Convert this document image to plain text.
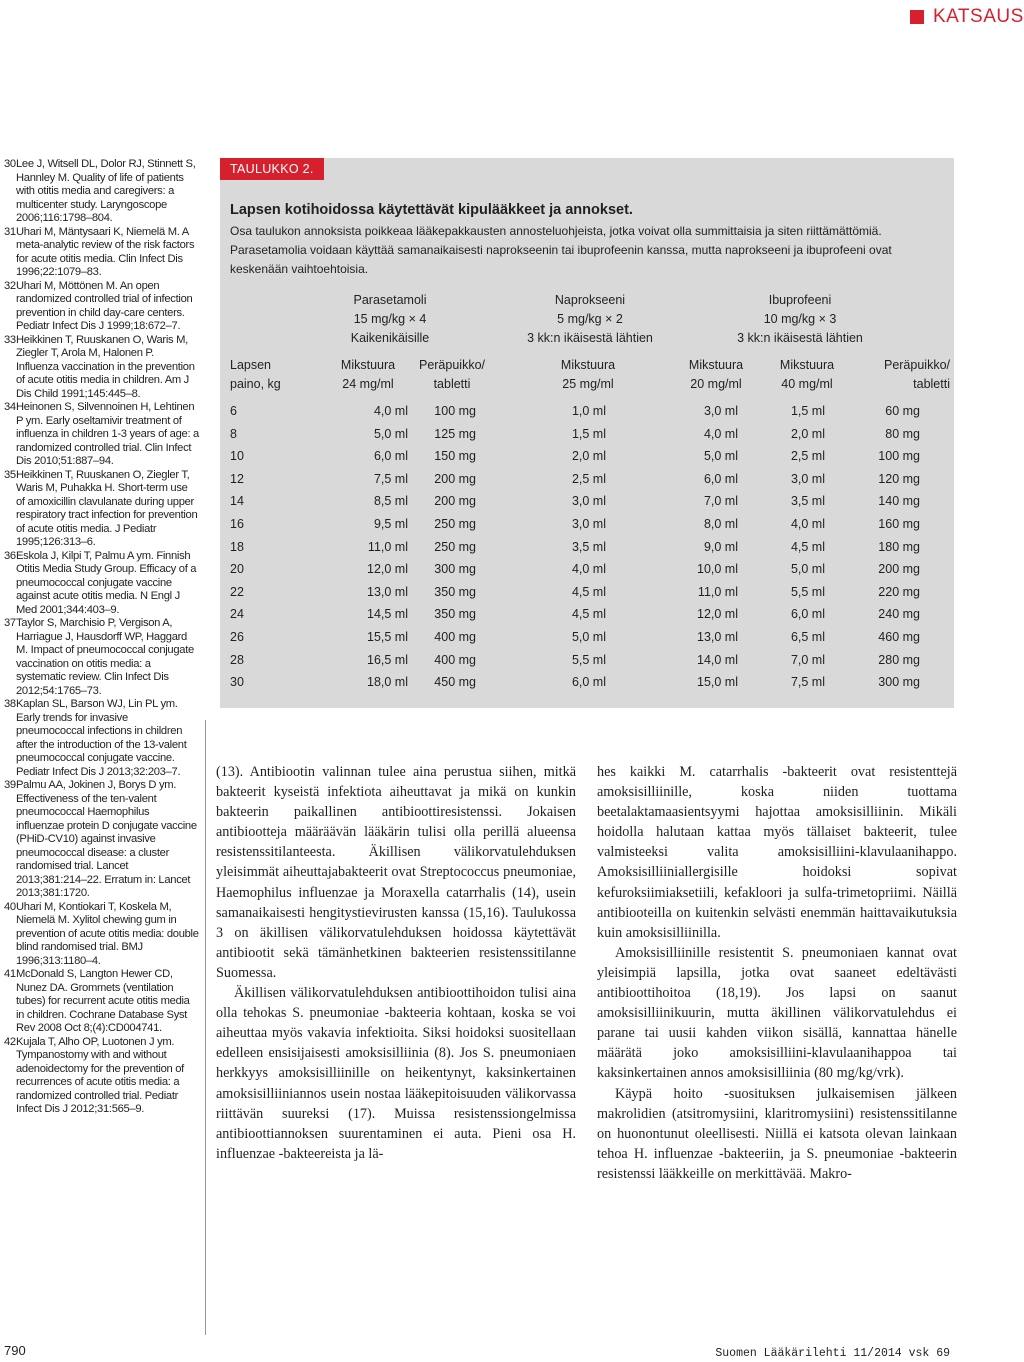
KATSAUS
30 Lee J, Witsell DL, Dolor RJ, Stinnett S, Hannley M. Quality of life of patients with otitis media and caregivers: a multicenter study. Laryngoscope 2006;116:1798–804.
31 Uhari M, Mäntysaari K, Niemelä M. A meta-analytic review of the risk factors for acute otitis media. Clin Infect Dis 1996;22:1079–83.
32 Uhari M, Möttönen M. An open randomized controlled trial of infection prevention in child day-care centers. Pediatr Infect Dis J 1999;18:672–7.
33 Heikkinen T, Ruuskanen O, Waris M, Ziegler T, Arola M, Halonen P. Influenza vaccination in the prevention of acute otitis media in children. Am J Dis Child 1991;145:445–8.
34 Heinonen S, Silvennoinen H, Lehtinen P ym. Early oseltamivir treatment of influenza in children 1-3 years of age: a randomized controlled trial. Clin Infect Dis 2010;51:887–94.
35 Heikkinen T, Ruuskanen O, Ziegler T, Waris M, Puhakka H. Short-term use of amoxicillin clavulanate during upper respiratory tract infection for prevention of acute otitis media. J Pediatr 1995;126:313–6.
36 Eskola J, Kilpi T, Palmu A ym. Finnish Otitis Media Study Group. Efficacy of a pneumococcal conjugate vaccine against acute otitis media. N Engl J Med 2001;344:403–9.
37 Taylor S, Marchisio P, Vergison A, Harriague J, Hausdorff WP, Haggard M. Impact of pneumococcal conjugate vaccination on otitis media: a systematic review. Clin Infect Dis 2012;54:1765–73.
38 Kaplan SL, Barson WJ, Lin PL ym. Early trends for invasive pneumococcal infections in children after the introduction of the 13-valent pneumococcal conjugate vaccine. Pediatr Infect Dis J 2013;32:203–7.
39 Palmu AA, Jokinen J, Borys D ym. Effectiveness of the ten-valent pneumococcal Haemophilus influenzae protein D conjugate vaccine (PHiD-CV10) against invasive pneumococcal disease: a cluster randomised trial. Lancet 2013;381:214–22. Erratum in: Lancet 2013;381:1720.
40 Uhari M, Kontiokari T, Koskela M, Niemelä M. Xylitol chewing gum in prevention of acute otitis media: double blind randomised trial. BMJ 1996;313:1180–4.
41 McDonald S, Langton Hewer CD, Nunez DA. Grommets (ventilation tubes) for recurrent acute otitis media in children. Cochrane Database Syst Rev 2008 Oct 8;(4):CD004741.
42 Kujala T, Alho OP, Luotonen J ym. Tympanostomy with and without adenoidectomy for the prevention of recurrences of acute otitis media: a randomized controlled trial. Pediatr Infect Dis J 2012;31:565–9.
TAULUKKO 2.
Lapsen kotihoidossa käytettävät kipulääkkeet ja annokset.
Osa taulukon annoksista poikkeaa lääkepakkausten annosteluohjeista, jotka voivat olla summittaisia ja siten riittämättömiä. Parasetamolia voidaan käyttää samanaikaisesti naprokseenin tai ibuprofeenin kanssa, mutta naprokseeni ja ibuprofeeni ovat keskenään vaihtoehtoisia.
Parasetamoli
15 mg/kg × 4
Kaikenikäisille
Naprokseeni
5 mg/kg × 2
3 kk:n ikäisestä lähtien
Ibuprofeeni
10 mg/kg × 3
3 kk:n ikäisestä lähtien
Lapsen
paino, kg
Mikstuura
24 mg/ml
Peräpuikko/
tabletti
Mikstuura
25 mg/ml
Mikstuura
20 mg/ml
Mikstuura
40 mg/ml
Peräpuikko/
tabletti
6	4,0 ml	100 mg	1,0 ml	3,0 ml	1,5 ml	60 mg
8	5,0 ml	125 mg	1,5 ml	4,0 ml	2,0 ml	80 mg
10	6,0 ml	150 mg	2,0 ml	5,0 ml	2,5 ml	100 mg
12	7,5 ml	200 mg	2,5 ml	6,0 ml	3,0 ml	120 mg
14	8,5 ml	200 mg	3,0 ml	7,0 ml	3,5 ml	140 mg
16	9,5 ml	250 mg	3,0 ml	8,0 ml	4,0 ml	160 mg
18	11,0 ml	250 mg	3,5 ml	9,0 ml	4,5 ml	180 mg
20	12,0 ml	300 mg	4,0 ml	10,0 ml	5,0 ml	200 mg
22	13,0 ml	350 mg	4,5 ml	11,0 ml	5,5 ml	220 mg
24	14,5 ml	350 mg	4,5 ml	12,0 ml	6,0 ml	240 mg
26	15,5 ml	400 mg	5,0 ml	13,0 ml	6,5 ml	460 mg
28	16,5 ml	400 mg	5,5 ml	14,0 ml	7,0 ml	280 mg
30	18,0 ml	450 mg	6,0 ml	15,0 ml	7,5 ml	300 mg

(13). Antibiootin valinnan tulee aina perustua siihen, mitkä bakteerit kyseistä infektiota aiheuttavat ja mikä on kunkin bakteerin paikallinen antibioottiresistenssi. Jokaisen antibioottеja määräävän lääkärin tulisi olla perillä alueensa resistenssitilanteesta. Äkillisen välikorvatulehduksen yleisimmät aiheuttajabakteerit ovat Streptococcus pneumoniae, Haemophilus influenzae ja Moraxella catarrhalis (14), usein samanaikaisesti hengitystievirusten kanssa (15,16). Taulukossa 3 on äkillisen välikorvatulehduksen hoidossa käytettävät antibiootit sekä tämänhetkinen bakteerien resistenssitilanne Suomessa.

Äkillisen välikorvatulehduksen antibioottihoidon tulisi aina olla tehokas S. pneumoniae -bakteeria kohtaan, koska se voi aiheuttaa myös vakavia infektioita. Siksi hoidoksi suositellaan edelleen ensisijaisesti amoksisilliinia (8). Jos S. pneumoniaen herkkyys amoksisilliinille on heikentynyt, kaksinkertainen amoksisilliiniannos usein nostaa lääkepitoisuuden välikorvassa riittävän suureksi (17). Muissa resistenssiongelmissa antibioottiannoksen suurentaminen ei auta. Pieni osa H. influenzae -bakteereista ja lä-

hes kaikki M. catarrhalis -bakteerit ovat resistenttejä amoksisilliinille, koska niiden tuottama beetalaktamaasientsyymi hajottaa amoksisilliinin. Mikäli hoidolla halutaan kattaa myös tällaiset bakteerit, tulee valmisteeksi valita amoksisilliini-klavulaanihappo. Amoksisilliiniallergisille hoidoksi sopivat kefuroksiimiaksetiili, kefakloori ja sulfa-trimetopriimi. Näillä antibiooteilla on kuitenkin selvästi enemmän haittavaikutuksia kuin amoksisilliinilla.

Amoksisilliinille resistentit S. pneumoniaen kannat ovat yleisimpiä lapsilla, jotka ovat saaneet edeltävästi antibioottihoitoa (18,19). Jos lapsi on saanut amoksisilliinikuurin, mutta äkillinen välikorvatulehdus ei parane tai uusii kahden viikon sisällä, kannattaa hänelle määrätä joko amoksisilliini-klavulaanihappoa tai kaksinkertainen annos amoksisilliinia (80 mg/kg/vrk).

Käypä hoito -suosituksen julkaisemisen jälkeen makrolidien (atsitromysiini, klaritromysiini) resistenssitilanne on huonontunut oleellisesti. Niillä ei katsota olevan lainkaan tehoa H. influenzae -bakteeriin, ja S. pneumoniae -bakteerin resistenssi lääkkeille on merkittävää. Makro-

790	Suomen Lääkärilehti 11/2014 vsk 69
